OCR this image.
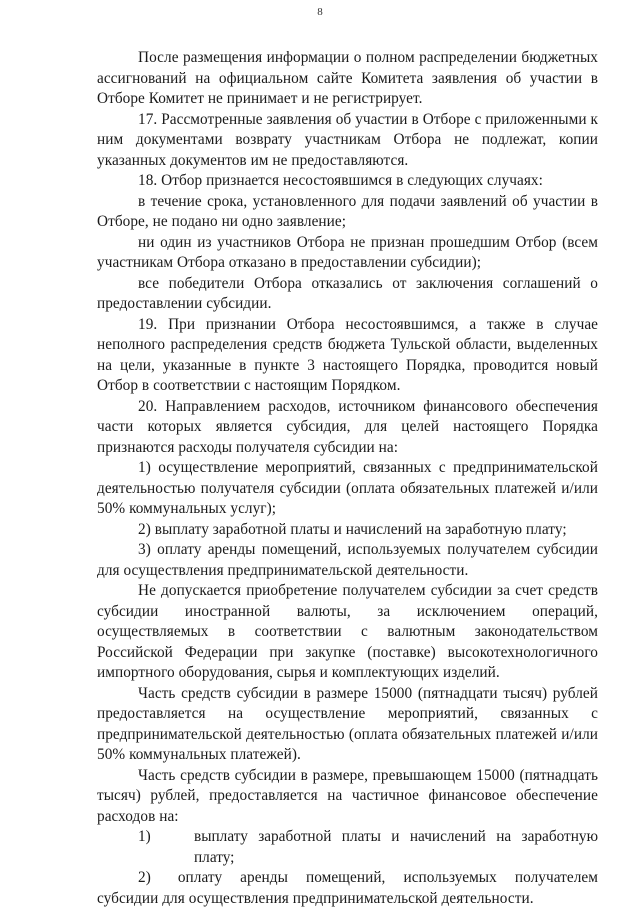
8

После размещения информации о полном распределении бюджетных ассигнований на официальном сайте Комитета заявления об участии в Отборе Комитет не принимает и не регистрирует.

17. Рассмотренные заявления об участии в Отборе с приложенными к ним документами возврату участникам Отбора не подлежат, копии указанных документов им не предоставляются.

18. Отбор признается несостоявшимся в следующих случаях:

в течение срока, установленного для подачи заявлений об участии в Отборе, не подано ни одно заявление;

ни один из участников Отбора не признан прошедшим Отбор (всем участникам Отбора отказано в предоставлении субсидии);

все победители Отбора отказались от заключения соглашений о предоставлении субсидии.

19. При признании Отбора несостоявшимся, а также в случае неполного распределения средств бюджета Тульской области, выделенных на цели, указанные в пункте 3 настоящего Порядка, проводится новый Отбор в соответствии с настоящим Порядком.

20. Направлением расходов, источником финансового обеспечения части которых является субсидия, для целей настоящего Порядка признаются расходы получателя субсидии на:

1) осуществление мероприятий, связанных с предпринимательской деятельностью получателя субсидии (оплата обязательных платежей и/или 50% коммунальных услуг);

2) выплату заработной платы и начислений на заработную плату;

3) оплату аренды помещений, используемых получателем субсидии для осуществления предпринимательской деятельности.

Не допускается приобретение получателем субсидии за счет средств субсидии иностранной валюты, за исключением операций, осуществляемых в соответствии с валютным законодательством Российской Федерации при закупке (поставке) высокотехнологичного импортного оборудования, сырья и комплектующих изделий.

Часть средств субсидии в размере 15000 (пятнадцати тысяч) рублей предоставляется на осуществление мероприятий, связанных с предпринимательской деятельностью (оплата обязательных платежей и/или 50% коммунальных платежей).

Часть средств субсидии в размере, превышающем 15000 (пятнадцать тысяч) рублей, предоставляется на частичное финансовое обеспечение расходов на:

1)	выплату заработной платы и начислений на заработную плату;

2) оплату аренды помещений, используемых получателем субсидии для осуществления предпринимательской деятельности.
